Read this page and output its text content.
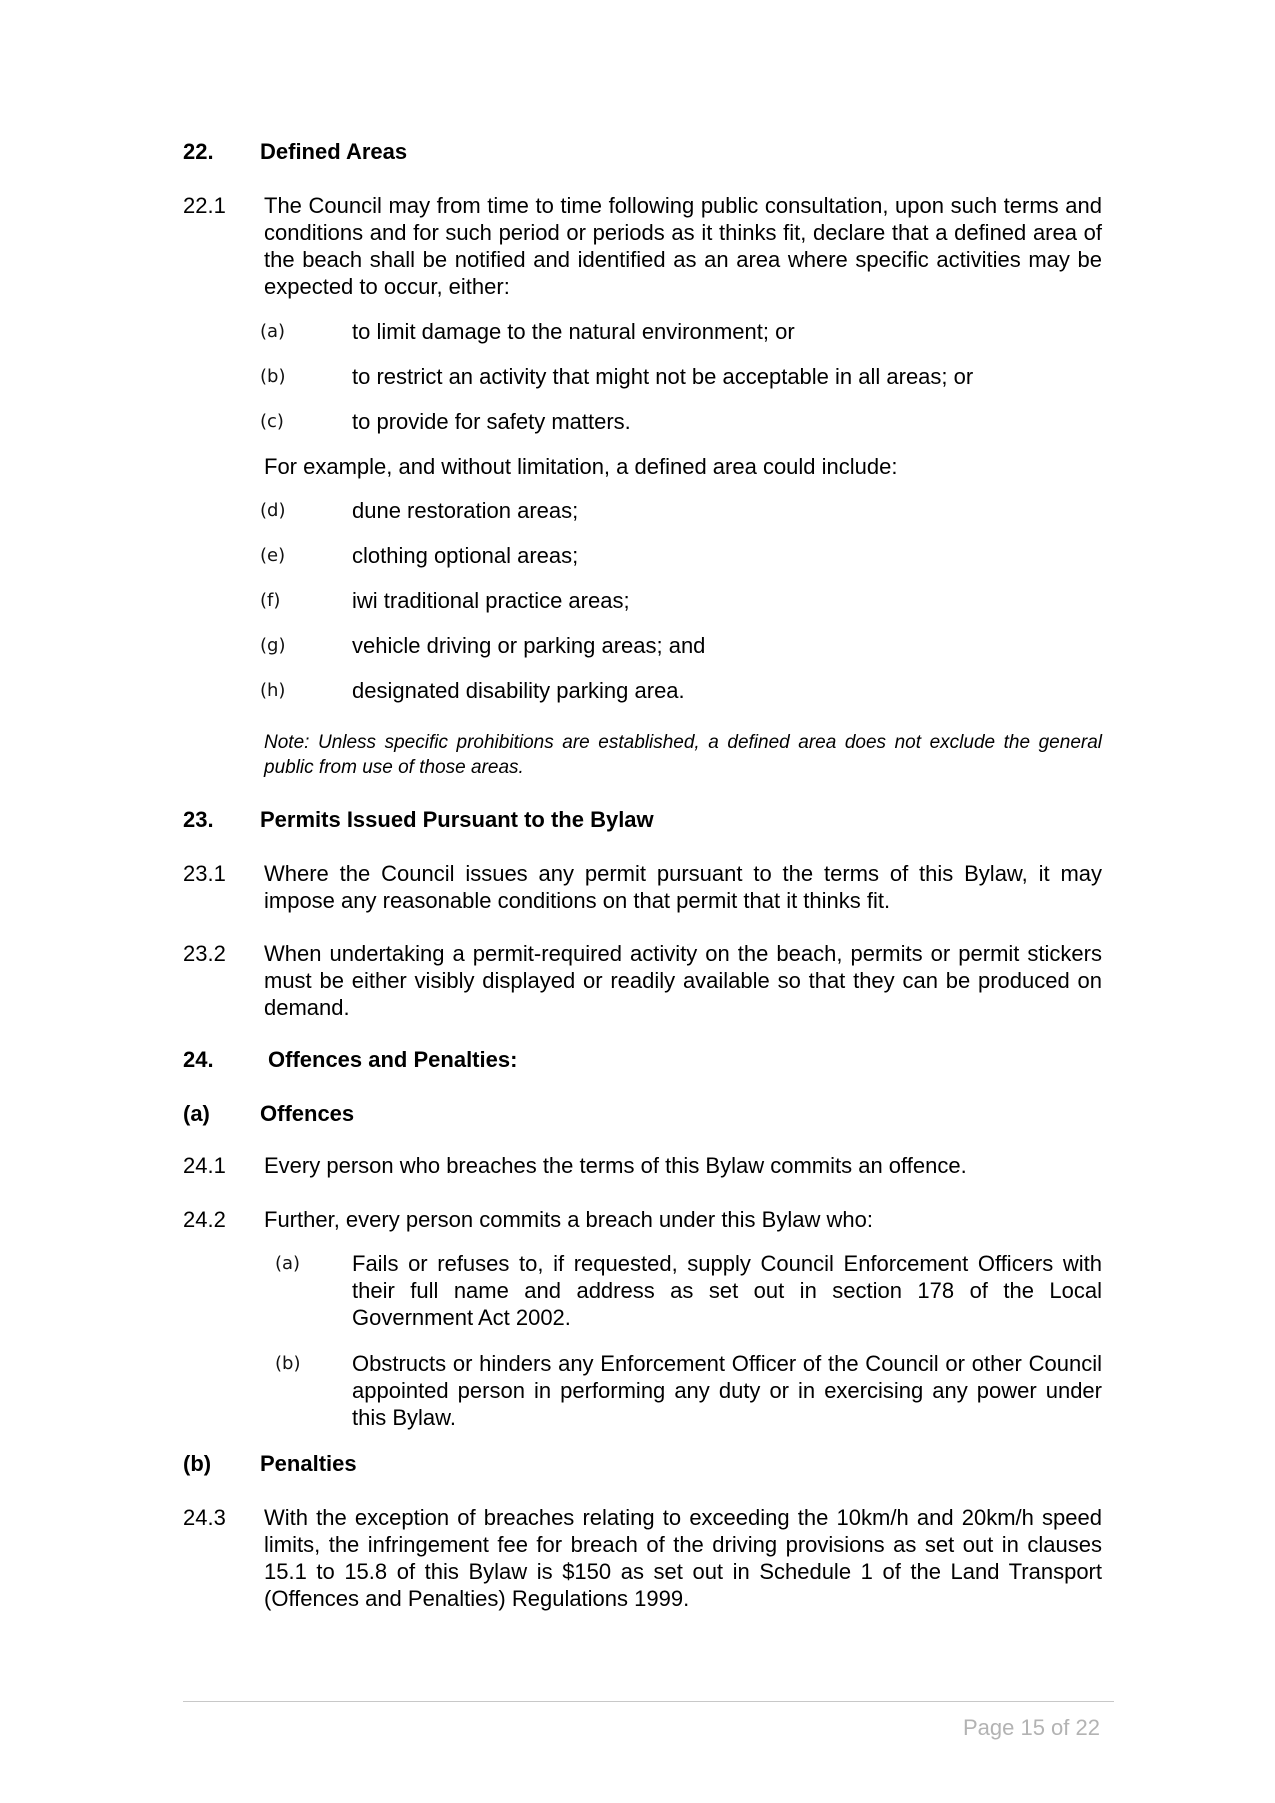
22. Defined Areas
22.1 The Council may from time to time following public consultation, upon such terms and conditions and for such period or periods as it thinks fit, declare that a defined area of the beach shall be notified and identified as an area where specific activities may be expected to occur, either:
(a)	to limit damage to the natural environment; or
(b)	to restrict an activity that might not be acceptable in all areas; or
(c)	to provide for safety matters.
For example, and without limitation, a defined area could include:
(d)	dune restoration areas;
(e)	clothing optional areas;
(f)	iwi traditional practice areas;
(g)	vehicle driving or parking areas; and
(h)	designated disability parking area.
Note: Unless specific prohibitions are established, a defined area does not exclude the general public from use of those areas.
23. Permits Issued Pursuant to the Bylaw
23.1 Where the Council issues any permit pursuant to the terms of this Bylaw, it may impose any reasonable conditions on that permit that it thinks fit.
23.2 When undertaking a permit-required activity on the beach, permits or permit stickers must be either visibly displayed or readily available so that they can be produced on demand.
24. Offences and Penalties:
(a) Offences
24.1 Every person who breaches the terms of this Bylaw commits an offence.
24.2 Further, every person commits a breach under this Bylaw who:
(a) Fails or refuses to, if requested, supply Council Enforcement Officers with their full name and address as set out in section 178 of the Local Government Act 2002.
(b) Obstructs or hinders any Enforcement Officer of the Council or other Council appointed person in performing any duty or in exercising any power under this Bylaw.
(b) Penalties
24.3 With the exception of breaches relating to exceeding the 10km/h and 20km/h speed limits, the infringement fee for breach of the driving provisions as set out in clauses 15.1 to 15.8 of this Bylaw is $150 as set out in Schedule 1 of the Land Transport (Offences and Penalties) Regulations 1999.
Page 15 of 22
